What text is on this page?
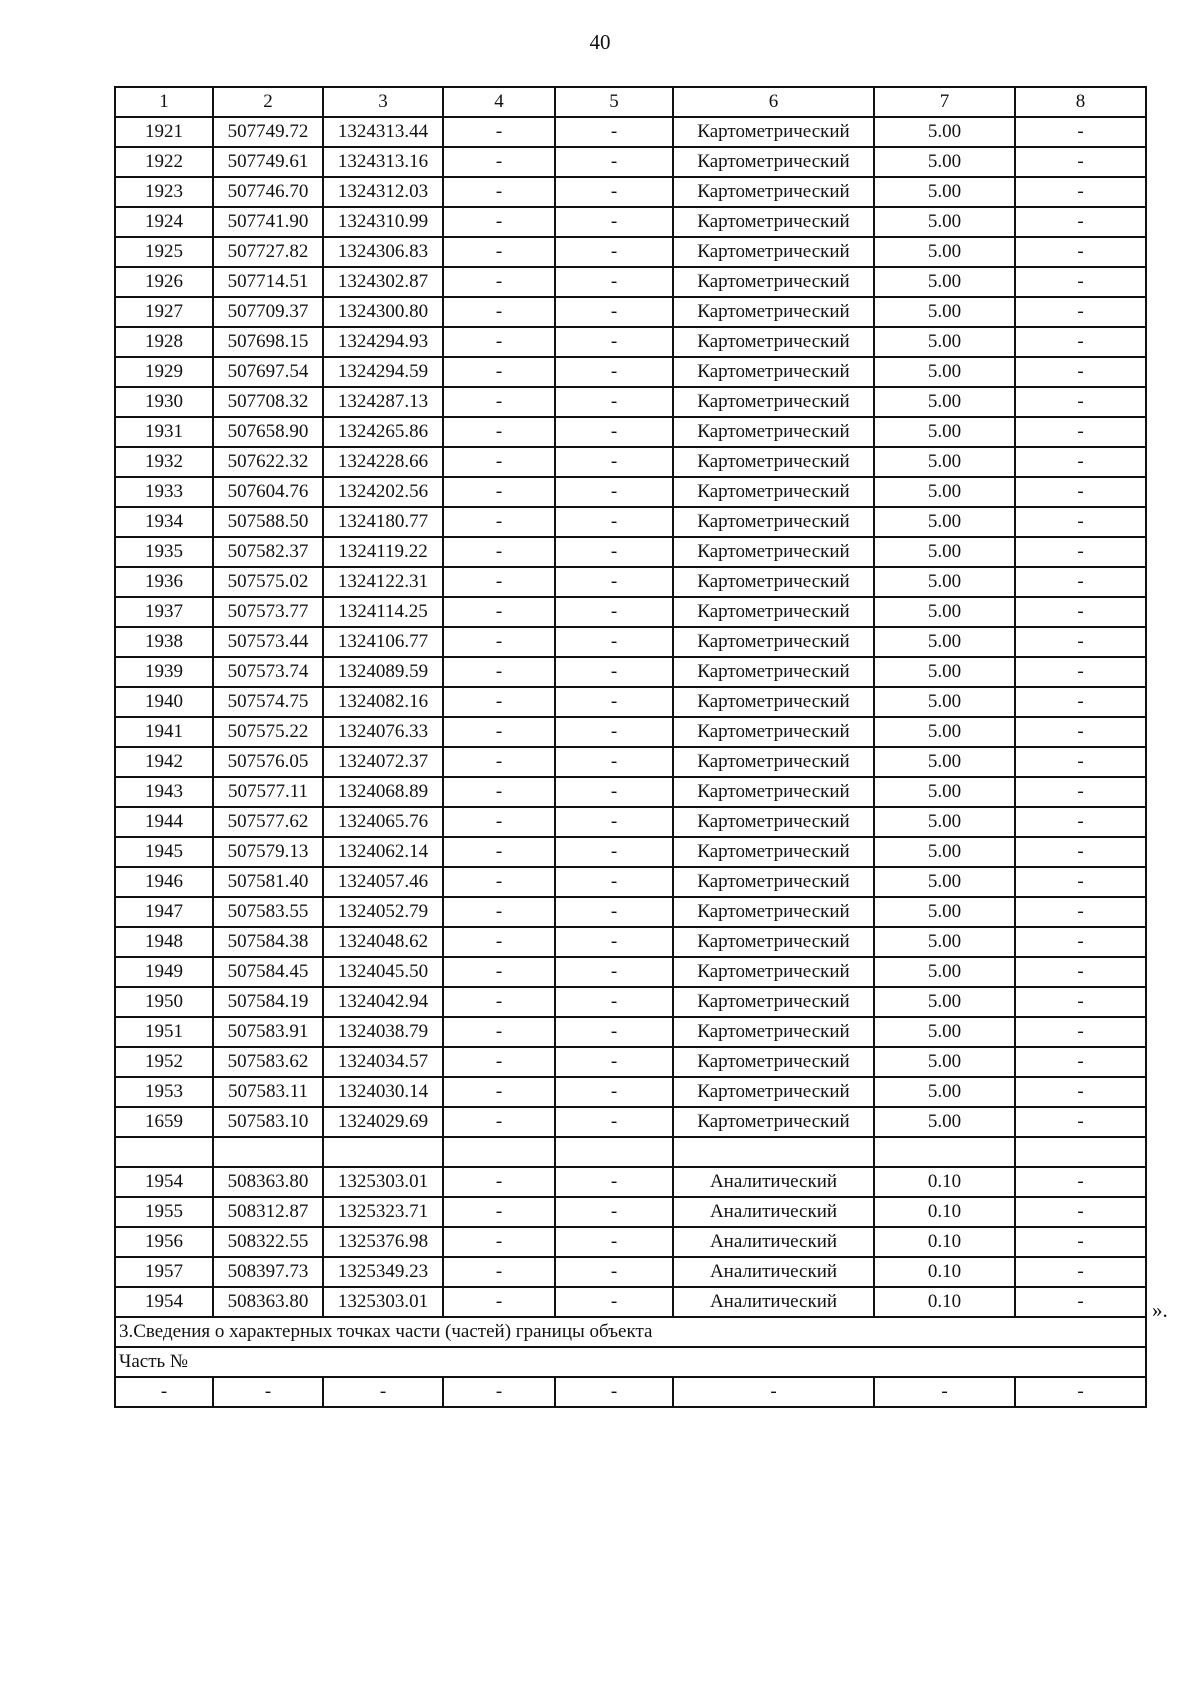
40
1	2	3	4	5	6	7	8
1921	507749.72	1324313.44	-	-	Картометрический	5.00	-
1922	507749.61	1324313.16	-	-	Картометрический	5.00	-
1923	507746.70	1324312.03	-	-	Картометрический	5.00	-
1924	507741.90	1324310.99	-	-	Картометрический	5.00	-
1925	507727.82	1324306.83	-	-	Картометрический	5.00	-
1926	507714.51	1324302.87	-	-	Картометрический	5.00	-
1927	507709.37	1324300.80	-	-	Картометрический	5.00	-
1928	507698.15	1324294.93	-	-	Картометрический	5.00	-
1929	507697.54	1324294.59	-	-	Картометрический	5.00	-
1930	507708.32	1324287.13	-	-	Картометрический	5.00	-
1931	507658.90	1324265.86	-	-	Картометрический	5.00	-
1932	507622.32	1324228.66	-	-	Картометрический	5.00	-
1933	507604.76	1324202.56	-	-	Картометрический	5.00	-
1934	507588.50	1324180.77	-	-	Картометрический	5.00	-
1935	507582.37	1324119.22	-	-	Картометрический	5.00	-
1936	507575.02	1324122.31	-	-	Картометрический	5.00	-
1937	507573.77	1324114.25	-	-	Картометрический	5.00	-
1938	507573.44	1324106.77	-	-	Картометрический	5.00	-
1939	507573.74	1324089.59	-	-	Картометрический	5.00	-
1940	507574.75	1324082.16	-	-	Картометрический	5.00	-
1941	507575.22	1324076.33	-	-	Картометрический	5.00	-
1942	507576.05	1324072.37	-	-	Картометрический	5.00	-
1943	507577.11	1324068.89	-	-	Картометрический	5.00	-
1944	507577.62	1324065.76	-	-	Картометрический	5.00	-
1945	507579.13	1324062.14	-	-	Картометрический	5.00	-
1946	507581.40	1324057.46	-	-	Картометрический	5.00	-
1947	507583.55	1324052.79	-	-	Картометрический	5.00	-
1948	507584.38	1324048.62	-	-	Картометрический	5.00	-
1949	507584.45	1324045.50	-	-	Картометрический	5.00	-
1950	507584.19	1324042.94	-	-	Картометрический	5.00	-
1951	507583.91	1324038.79	-	-	Картометрический	5.00	-
1952	507583.62	1324034.57	-	-	Картометрический	5.00	-
1953	507583.11	1324030.14	-	-	Картометрический	5.00	-
1659	507583.10	1324029.69	-	-	Картометрический	5.00	-

1954	508363.80	1325303.01	-	-	Аналитический	0.10	-
1955	508312.87	1325323.71	-	-	Аналитический	0.10	-
1956	508322.55	1325376.98	-	-	Аналитический	0.10	-
1957	508397.73	1325349.23	-	-	Аналитический	0.10	-
1954	508363.80	1325303.01	-	-	Аналитический	0.10	-
3.Сведения о характерных точках части (частей) границы объекта							
Часть №							
-	-	-	-	-	-	-	-
».
